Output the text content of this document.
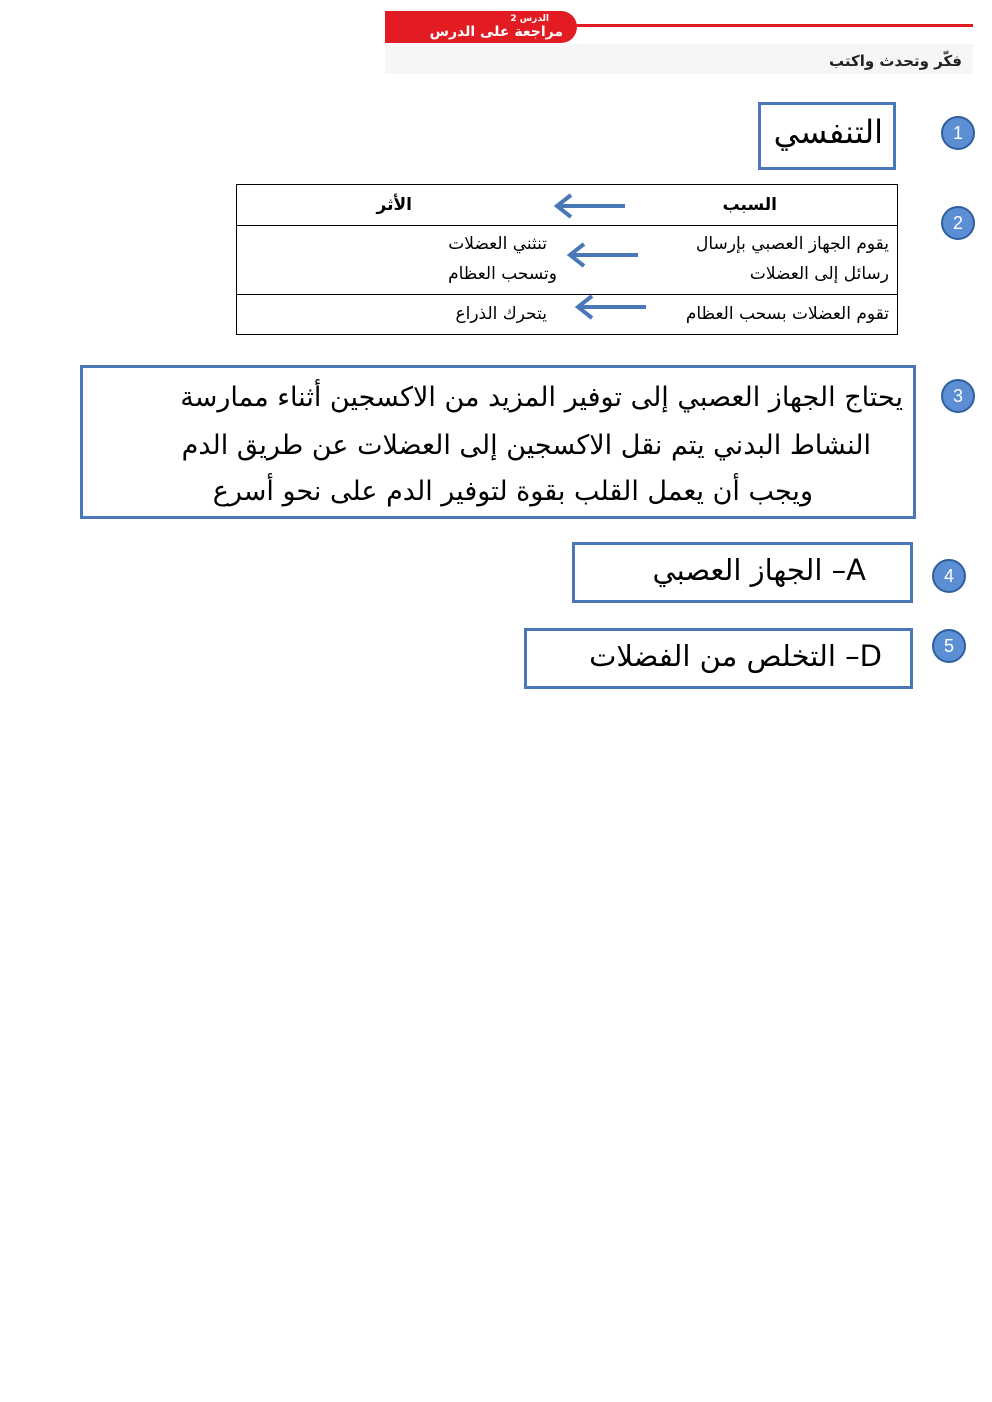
الدرس 2
مراجعة على الدرس
فكّر وتحدث واكتب
1
التنفسي
2
السبب
الأثر
يقوم الجهاز العصبي بإرسال
رسائل إلى العضلات
تنثني العضلات
وتسحب العظام
تقوم العضلات بسحب العظام
يتحرك الذراع
3
يحتاج الجهاز العصبي إلى توفير المزيد من الاكسجين أثناء ممارسة
النشاط البدني يتم نقل الاكسجين إلى العضلات عن طريق الدم
ويجب أن يعمل القلب بقوة لتوفير الدم على نحو أسرع
4
A– الجهاز العصبي
5
D– التخلص من الفضلات
